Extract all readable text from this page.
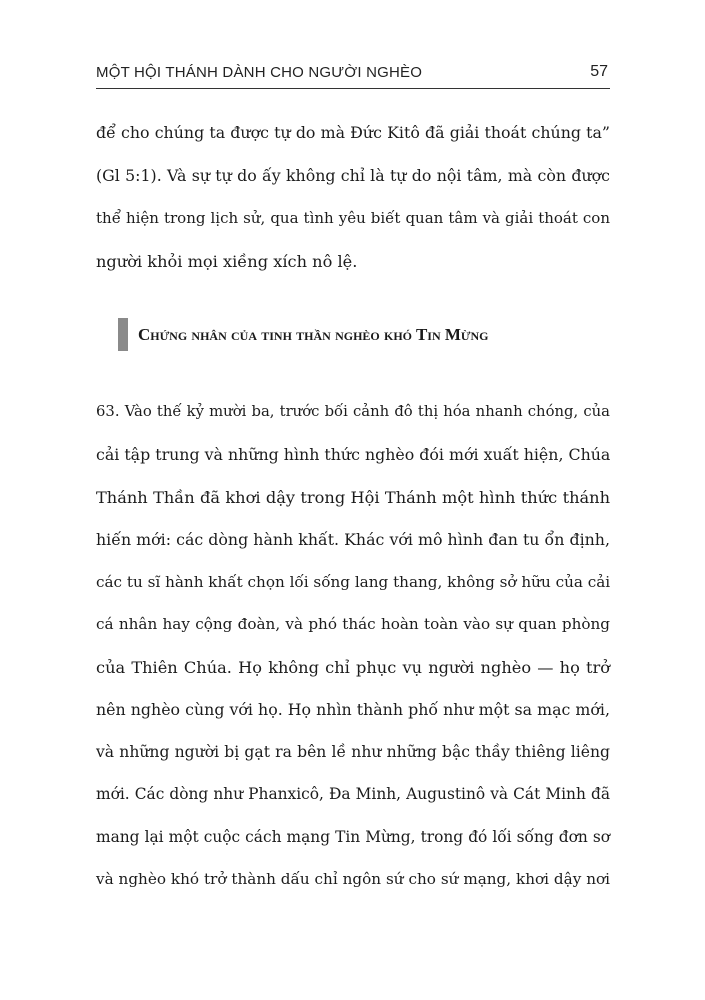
MỘT HỘI THÁNH DÀNH CHO NGƯỜI NGHÈO	57
để cho chúng ta được tự do mà Đức Kitô đã giải thoát chúng ta”
(Gl 5:1). Và sự tự do ấy không chỉ là tự do nội tâm, mà còn được
thể hiện trong lịch sử, qua tình yêu biết quan tâm và giải thoát con
người khỏi mọi xiềng xích nô lệ.
Chứng nhân của tinh thần nghèo khó Tin Mừng
63. Vào thế kỷ mười ba, trước bối cảnh đô thị hóa nhanh chóng, của
cải tập trung và những hình thức nghèo đói mới xuất hiện, Chúa
Thánh Thần đã khơi dậy trong Hội Thánh một hình thức thánh
hiến mới: các dòng hành khất. Khác với mô hình đan tu ổn định,
các tu sĩ hành khất chọn lối sống lang thang, không sở hữu của cải
cá nhân hay cộng đoàn, và phó thác hoàn toàn vào sự quan phòng
của Thiên Chúa. Họ không chỉ phục vụ người nghèo — họ trở
nên nghèo cùng với họ. Họ nhìn thành phố như một sa mạc mới,
và những người bị gạt ra bên lề như những bậc thầy thiêng liêng
mới. Các dòng như Phanxicô, Đa Minh, Augustinô và Cát Minh đã
mang lại một cuộc cách mạng Tin Mừng, trong đó lối sống đơn sơ
và nghèo khó trở thành dấu chỉ ngôn sứ cho sứ mạng, khơi dậy nơi
